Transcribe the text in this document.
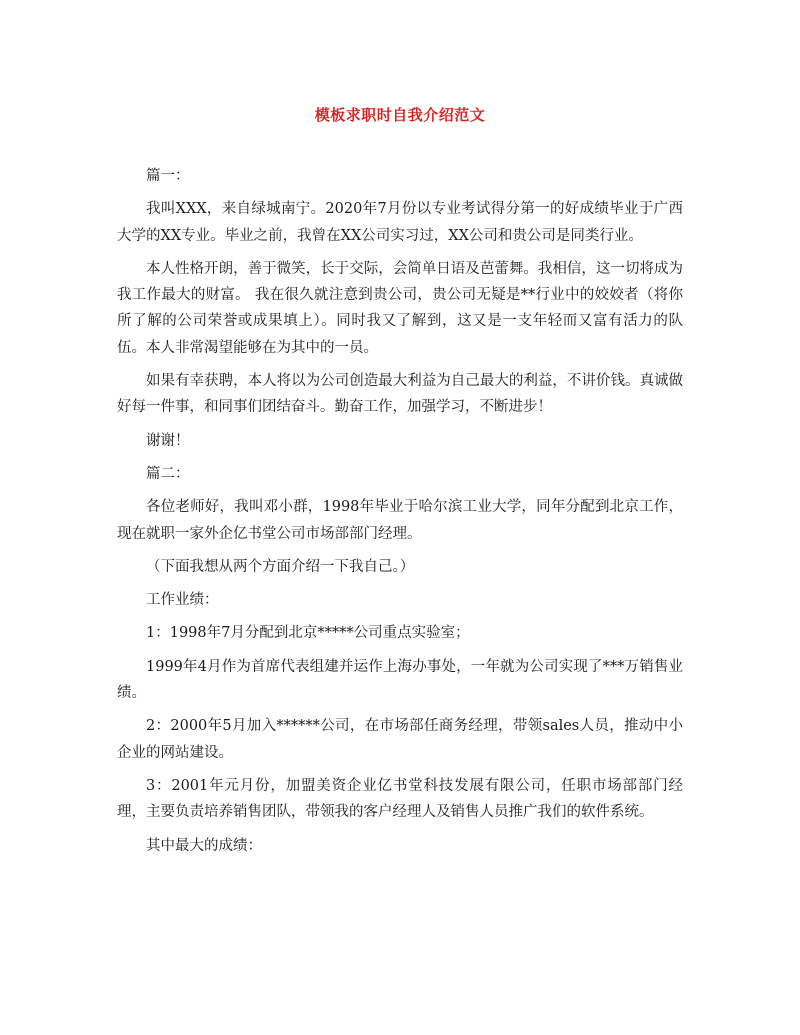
模板求职时自我介绍范文

篇一：

我叫XXX，来自绿城南宁。2020年7月份以专业考试得分第一的好成绩毕业于广西大学的XX专业。毕业之前，我曾在XX公司实习过，XX公司和贵公司是同类行业。

本人性格开朗，善于微笑，长于交际，会简单日语及芭蕾舞。我相信，这一切将成为我工作最大的财富。 我在很久就注意到贵公司，贵公司无疑是**行业中的姣姣者（将你所了解的公司荣誉或成果填上）。同时我又了解到，这又是一支年轻而又富有活力的队伍。本人非常渴望能够在为其中的一员。

如果有幸获聘，本人将以为公司创造最大利益为自己最大的利益，不讲价钱。真诚做好每一件事，和同事们团结奋斗。勤奋工作，加强学习，不断进步！

谢谢！

篇二：

各位老师好，我叫邓小群，1998年毕业于哈尔滨工业大学，同年分配到北京工作，现在就职一家外企亿书堂公司市场部部门经理。

（下面我想从两个方面介绍一下我自己。）

工作业绩：

1：1998年7月分配到北京*****公司重点实验室；

1999年4月作为首席代表组建并运作上海办事处，一年就为公司实现了***万销售业绩。

2：2000年5月加入******公司，在市场部任商务经理，带领sales人员，推动中小企业的网站建设。

3：2001年元月份，加盟美资企业亿书堂科技发展有限公司，任职市场部部门经理，主要负责培养销售团队，带领我的客户经理人及销售人员推广我们的软件系统。

其中最大的成绩：
